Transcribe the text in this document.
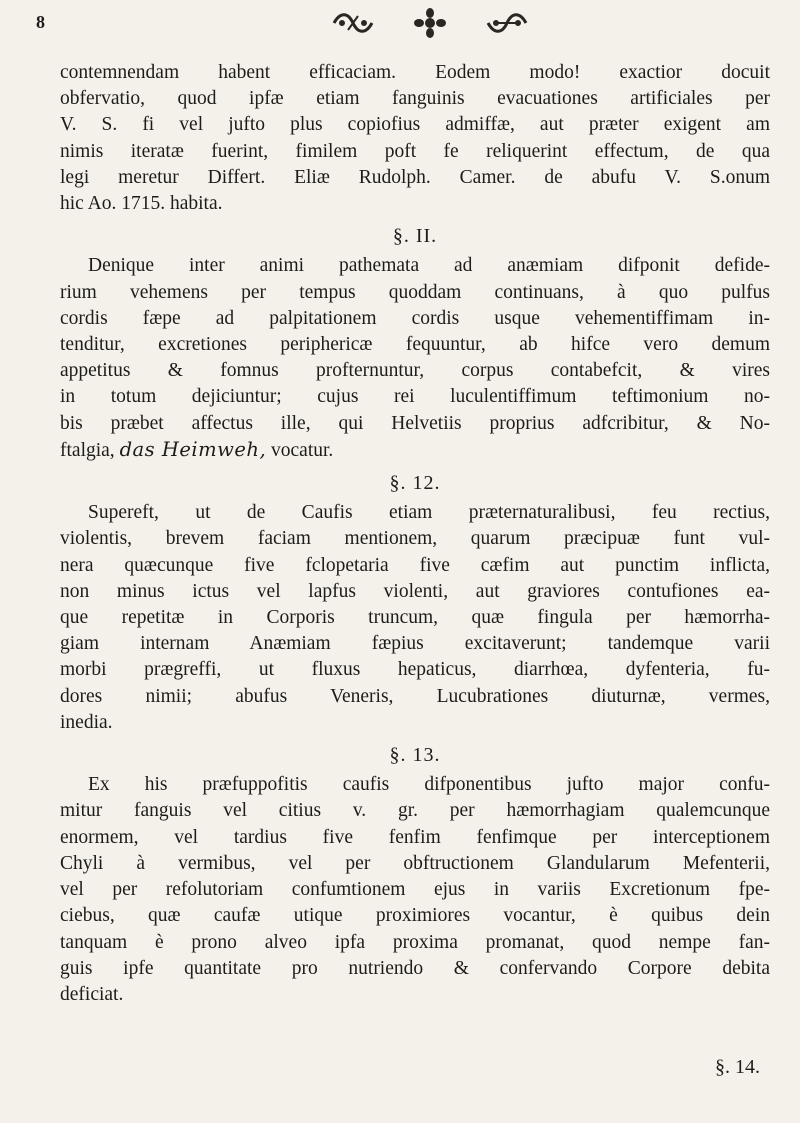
8
contemnendam habent efficaciam. Eodem modo! exactior docuit
obfervatio, quod ipfæ etiam fanguinis evacuationes artificiales per
V. S. fi vel jufto plus copiofius admiffæ, aut præter exigent am
nimis iteratæ fuerint, fimilem poft fe reliquerint effectum, de qua
legi meretur Differt. Eliæ Rudolph. Camer. de abufu V. S.onum
hic Ao. 1715. habita.
§. II.
Denique inter animi pathemata ad anæmiam difponit defide-
rium vehemens per tempus quoddam continuans, à quo pulfus
cordis fæpe ad palpitationem cordis usque vehementiffimam in-
tenditur, excretiones periphericæ fequuntur, ab hifce vero demum
appetitus & fomnus profternuntur, corpus contabefcit, & vires
in totum dejiciuntur; cujus rei luculentiffimum teftimonium no-
bis præbet affectus ille, qui Helvetiis proprius adfcribitur, & No-
ftalgia, das Heimweh, vocatur.
§. 12.
Supereft, ut de Caufis etiam præternaturalibusi, feu rectius,
violentis, brevem faciam mentionem, quarum præcipuæ funt vul-
nera quæcunque five fclopetaria five cæfim aut punctim inflicta,
non minus ictus vel lapfus violenti, aut graviores contufiones ea-
que repetitæ in Corporis truncum, quæ fingula per hæmorrha-
giam internam Anæmiam fæpius excitaverunt; tandemque varii
morbi prægreffi, ut fluxus hepaticus, diarrhœa, dyfenteria, fu-
dores nimii; abufus Veneris, Lucubrationes diuturnæ, vermes,
inedia.
§. 13.
Ex his præfuppofitis caufis difponentibus jufto major confu-
mitur fanguis vel citius v. gr. per hæmorrhagiam qualemcunque
enormem, vel tardius five fenfim fenfimque per interceptionem
Chyli à vermibus, vel per obftructionem Glandularum Mefenterii,
vel per refolutoriam confumtionem ejus in variis Excretionum fpe-
ciebus, quæ caufæ utique proximiores vocantur, è quibus dein
tanquam è prono alveo ipfa proxima promanat, quod nempe fan-
guis ipfe quantitate pro nutriendo & confervando Corpore debita
deficiat.
§. 14.
